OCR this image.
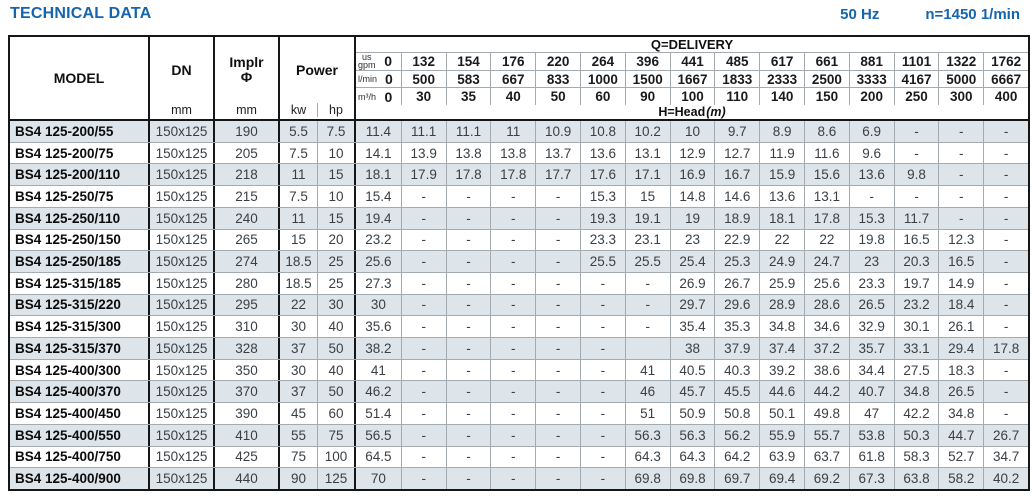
TECHNICAL DATA	50 Hz	n=1450 1/min
MODEL	DN
mm
Implr
Φ
mm
Power
kw	hp
Q=DELIVERY
us
gpm 0	132	154	176	220	264	396	441	485	617	661	881	1101	1322	1762
l/min 0	500	583	667	833	1000	1500	1667	1833	2333	2500	3333	4167	5000	6667
m³/h 0	30	35	40	50	60	90	100	110	140	150	200	250	300	400
H=Head (m)
BS4 125-200/55	150x125	190	5.5	7.5	11.4	11.1	11.1	11	10.9	10.8	10.2	10	9.7	8.9	8.6	6.9	-	-	-
BS4 125-200/75	150x125	205	7.5	10	14.1	13.9	13.8	13.8	13.7	13.6	13.1	12.9	12.7	11.9	11.6	9.6	-	-	-
BS4 125-200/110	150x125	218	11	15	18.1	17.9	17.8	17.8	17.7	17.6	17.1	16.9	16.7	15.9	15.6	13.6	9.8	-	-
BS4 125-250/75	150x125	215	7.5	10	15.4	-	-	-	-	15.3	15	14.8	14.6	13.6	13.1	-	-	-	-
BS4 125-250/110	150x125	240	11	15	19.4	-	-	-	-	19.3	19.1	19	18.9	18.1	17.8	15.3	11.7	-	-
BS4 125-250/150	150x125	265	15	20	23.2	-	-	-	-	23.3	23.1	23	22.9	22	22	19.8	16.5	12.3	-
BS4 125-250/185	150x125	274	18.5	25	25.6	-	-	-	-	25.5	25.5	25.4	25.3	24.9	24.7	23	20.3	16.5	-
BS4 125-315/185	150x125	280	18.5	25	27.3	-	-	-	-	-	-	26.9	26.7	25.9	25.6	23.3	19.7	14.9	-
BS4 125-315/220	150x125	295	22	30	30	-	-	-	-	-	-	29.7	29.6	28.9	28.6	26.5	23.2	18.4	-
BS4 125-315/300	150x125	310	30	40	35.6	-	-	-	-	-	-	35.4	35.3	34.8	34.6	32.9	30.1	26.1	-
BS4 125-315/370	150x125	328	37	50	38.2	-	-	-	-	-	38	37.9	37.4	37.2	35.7	33.1	29.4	17.8
BS4 125-400/300	150x125	350	30	40	41	-	-	-	-	-	41	40.5	40.3	39.2	38.6	34.4	27.5	18.3	-
BS4 125-400/370	150x125	370	37	50	46.2	-	-	-	-	-	46	45.7	45.5	44.6	44.2	40.7	34.8	26.5	-
BS4 125-400/450	150x125	390	45	60	51.4	-	-	-	-	-	51	50.9	50.8	50.1	49.8	47	42.2	34.8	-
BS4 125-400/550	150x125	410	55	75	56.5	-	-	-	-	-	56.3	56.3	56.2	55.9	55.7	53.8	50.3	44.7	26.7
BS4 125-400/750	150x125	425	75	100	64.5	-	-	-	-	-	64.3	64.3	64.2	63.9	63.7	61.8	58.3	52.7	34.7
BS4 125-400/900	150x125	440	90	125	70	-	-	-	-	-	69.8	69.8	69.7	69.4	69.2	67.3	63.8	58.2	40.2
